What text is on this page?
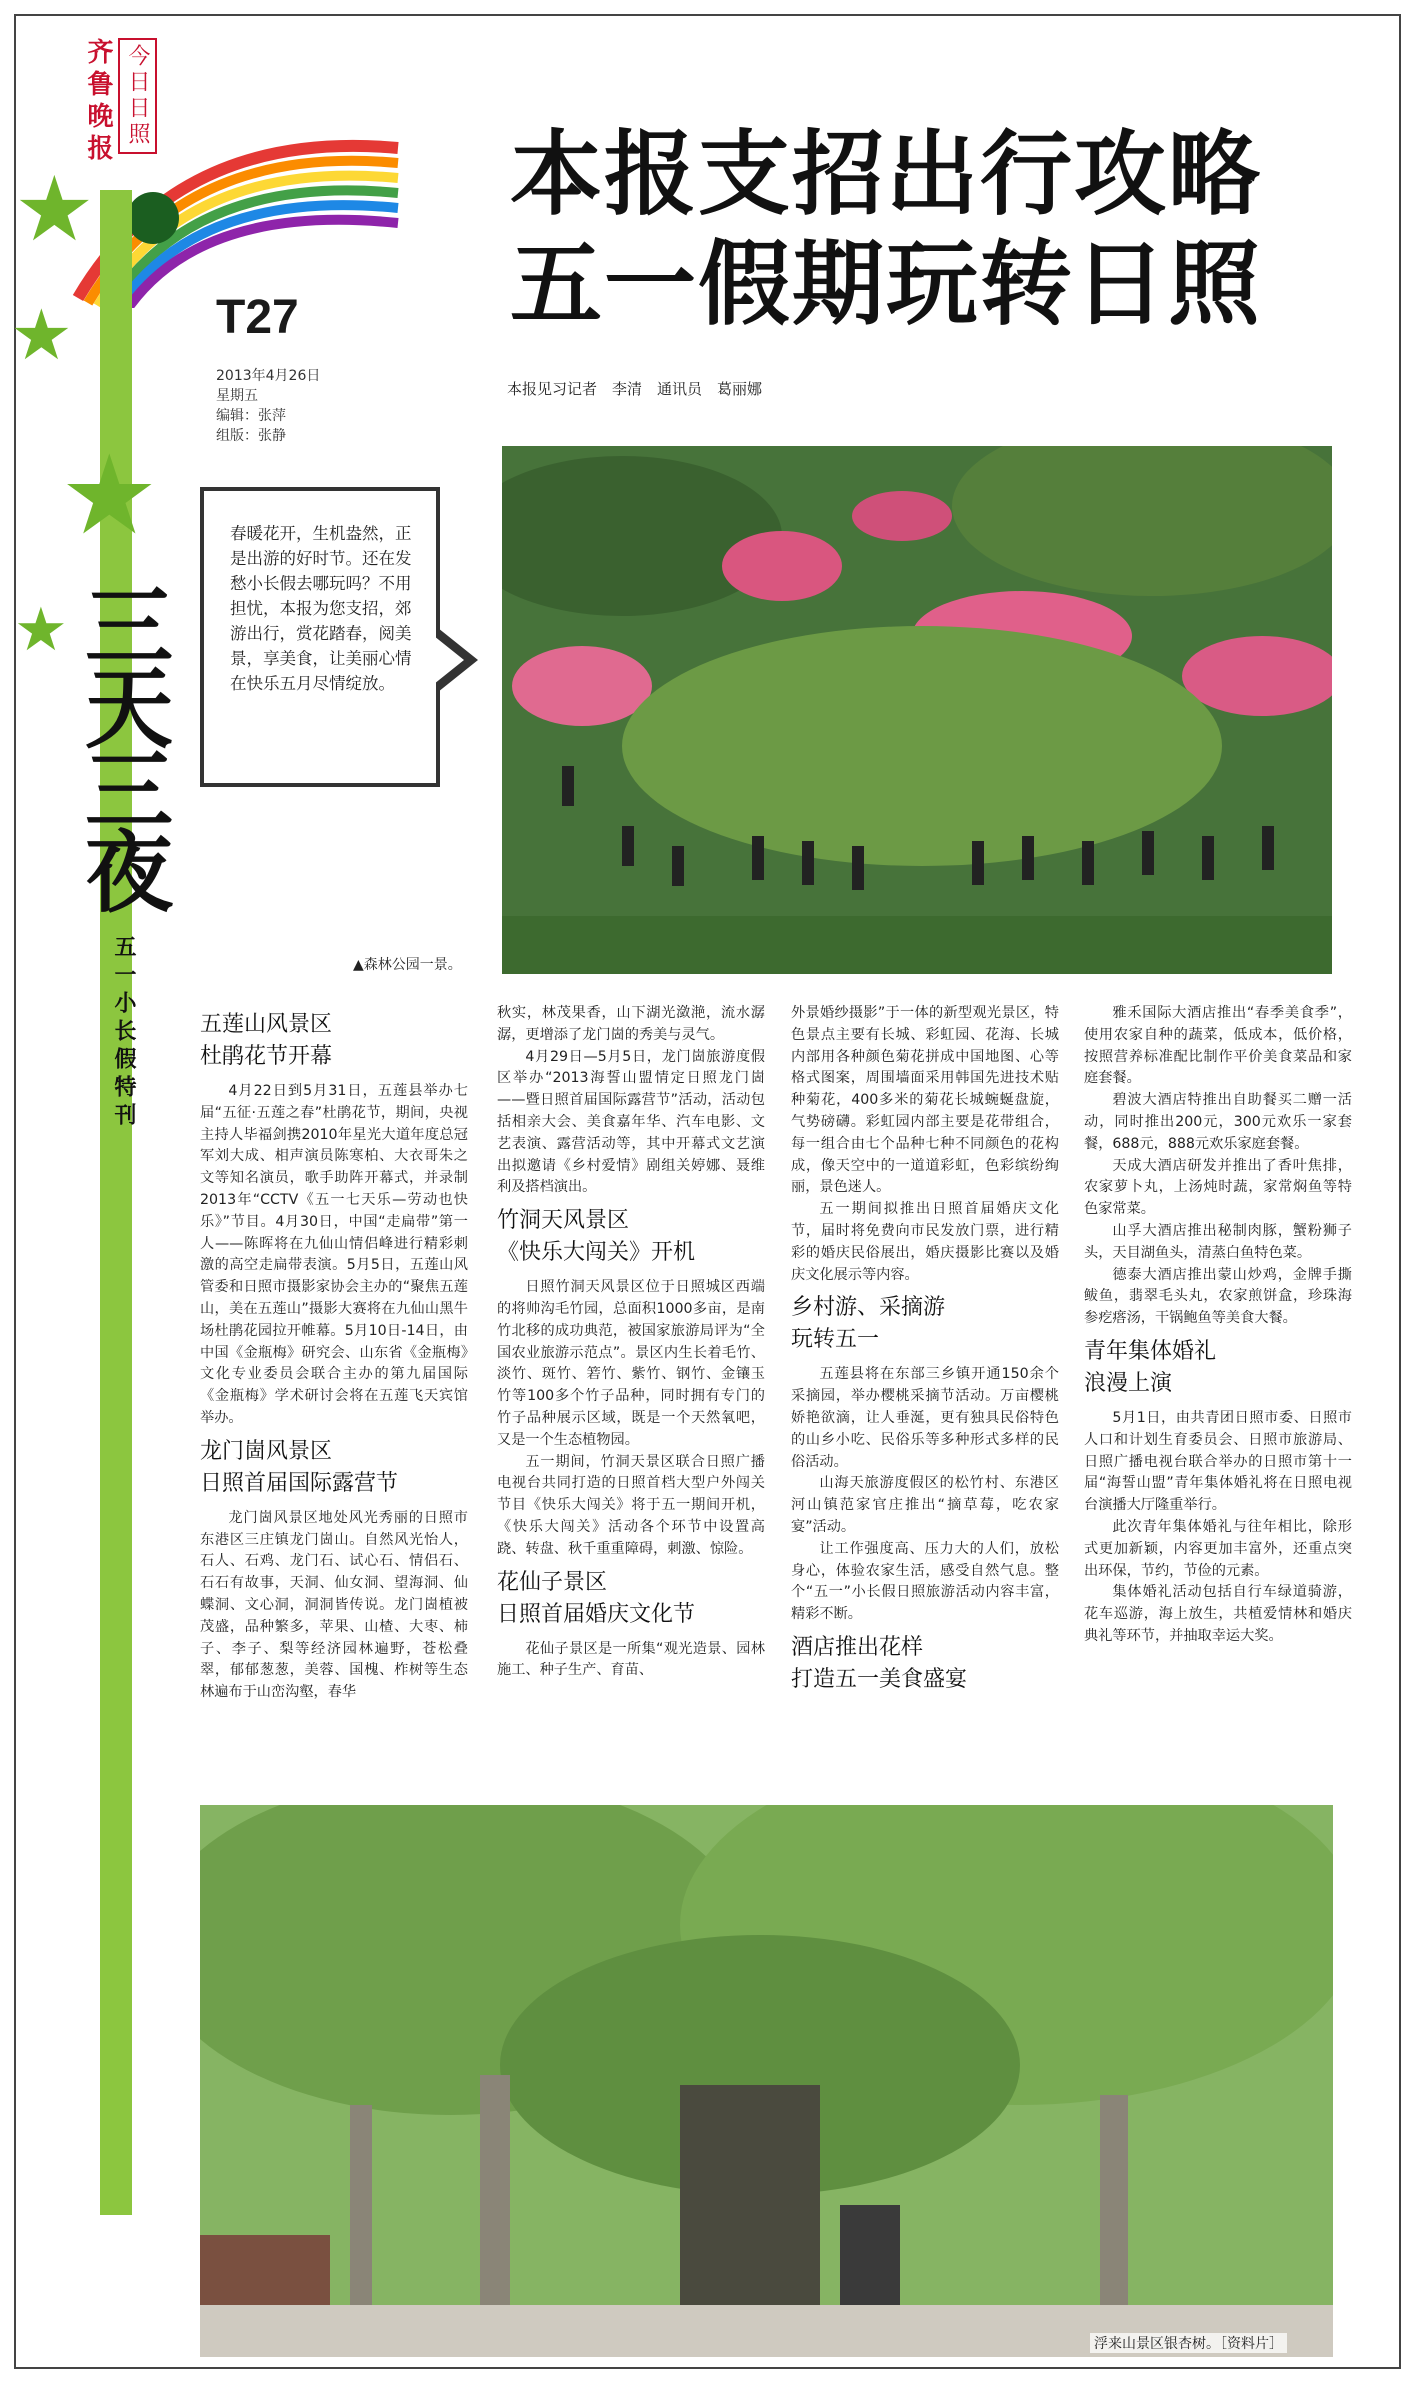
齐鲁晚报 今日日照
T27
2013年4月26日
星期五
编辑：张萍
组版：张静
★
★
★
★ 三天三夜
五一小长假特刊
本报支招出行攻略
五一假期玩转日照
本报见习记者　李清　通讯员　葛丽娜
春暖花开，生机盎然，正是出游的好时节。还在发愁小长假去哪玩吗？不用担忧，本报为您支招，郊游出行，赏花踏春，阅美景，享美食，让美丽心情在快乐五月尽情绽放。
▲森林公园一景。
五莲山风景区
杜鹃花节开幕

4月22日到5月31日，五莲县举办七届“五征·五莲之春”杜鹃花节，期间，央视主持人毕福剑携2010年星光大道年度总冠军刘大成、相声演员陈寒柏、大衣哥朱之文等知名演员，歌手助阵开幕式，并录制2013年“CCTV《五一七天乐—劳动也快乐》”节目。4月30日，中国“走扁带”第一人——陈晖将在九仙山情侣峰进行精彩刺激的高空走扁带表演。5月5日，五莲山风管委和日照市摄影家协会主办的“聚焦五莲山，美在五莲山”摄影大赛将在九仙山黑牛场杜鹃花园拉开帷幕。5月10日-14日，由中国《金瓶梅》研究会、山东省《金瓶梅》文化专业委员会联合主办的第九届国际《金瓶梅》学术研讨会将在五莲飞天宾馆举办。

龙门崮风景区
日照首届国际露营节

龙门崮风景区地处风光秀丽的日照市东港区三庄镇龙门崮山。自然风光怡人，石人、石鸡、龙门石、试心石、情侣石、石石有故事，天洞、仙女洞、望海洞、仙蝶洞、文心洞，洞洞皆传说。龙门崮植被茂盛，品种繁多，苹果、山楂、大枣、柿子、李子、梨等经济园林遍野，苍松叠翠，郁郁葱葱，美蓉、国槐、柞树等生态林遍布于山峦沟壑，春华

秋实，林茂果香，山下湖光潋滟，流水潺潺，更增添了龙门崮的秀美与灵气。

4月29日—5月5日，龙门崮旅游度假区举办“2013海誓山盟情定日照龙门崮——暨日照首届国际露营节”活动，活动包括相亲大会、美食嘉年华、汽车电影、文艺表演、露营活动等，其中开幕式文艺演出拟邀请《乡村爱情》剧组关婷娜、聂维利及搭档演出。

竹洞天风景区
《快乐大闯关》开机

日照竹洞天风景区位于日照城区西端的将帅沟毛竹园，总面积1000多亩，是南竹北移的成功典范，被国家旅游局评为“全国农业旅游示范点”。景区内生长着毛竹、淡竹、斑竹、箬竹、紫竹、钢竹、金镶玉竹等100多个竹子品种，同时拥有专门的竹子品种展示区域，既是一个天然氧吧，又是一个生态植物园。

五一期间，竹洞天景区联合日照广播电视台共同打造的日照首档大型户外闯关节目《快乐大闯关》将于五一期间开机，《快乐大闯关》活动各个环节中设置高跷、转盘、秋千重重障碍，刺激、惊险。

花仙子景区
日照首届婚庆文化节

花仙子景区是一所集“观光造景、园林施工、种子生产、育苗、

外景婚纱摄影”于一体的新型观光景区，特色景点主要有长城、彩虹园、花海、长城内部用各种颜色菊花拼成中国地图、心等格式图案，周围墙面采用韩国先进技术贴种菊花，400多米的菊花长城蜿蜒盘旋，气势磅礴。彩虹园内部主要是花带组合，每一组合由七个品种七种不同颜色的花构成，像天空中的一道道彩虹，色彩缤纷绚丽，景色迷人。

五一期间拟推出日照首届婚庆文化节，届时将免费向市民发放门票，进行精彩的婚庆民俗展出，婚庆摄影比赛以及婚庆文化展示等内容。

乡村游、采摘游
玩转五一

五莲县将在东部三乡镇开通150余个采摘园，举办樱桃采摘节活动。万亩樱桃娇艳欲滴，让人垂涎，更有独具民俗特色的山乡小吃、民俗乐等多种形式多样的民俗活动。

山海天旅游度假区的松竹村、东港区河山镇范家官庄推出“摘草莓，吃农家宴”活动。

让工作强度高、压力大的人们，放松身心，体验农家生活，感受自然气息。整个“五一”小长假日照旅游活动内容丰富，精彩不断。

酒店推出花样
打造五一美食盛宴

雅禾国际大酒店推出“春季美食季”，使用农家自种的蔬菜，低成本，低价格，按照营养标准配比制作平价美食菜品和家庭套餐。

碧波大酒店特推出自助餐买二赠一活动，同时推出200元，300元欢乐一家套餐，688元，888元欢乐家庭套餐。

天成大酒店研发并推出了香叶焦排，农家萝卜丸，上汤炖时蔬，家常焖鱼等特色家常菜。

山孚大酒店推出秘制肉豚，蟹粉狮子头，天目湖鱼头，清蒸白鱼特色菜。

德泰大酒店推出蒙山炒鸡，金牌手撕鲅鱼，翡翠毛头丸，农家煎饼盒，珍珠海参疙瘩汤，干锅鲍鱼等美食大餐。

青年集体婚礼
浪漫上演

5月1日，由共青团日照市委、日照市人口和计划生育委员会、日照市旅游局、日照广播电视台联合举办的日照市第十一届“海誓山盟”青年集体婚礼将在日照电视台演播大厅隆重举行。

此次青年集体婚礼与往年相比，除形式更加新颖，内容更加丰富外，还重点突出环保，节约，节俭的元素。

集体婚礼活动包括自行车绿道骑游，花车巡游，海上放生，共植爱情林和婚庆典礼等环节，并抽取幸运大奖。

浮来山景区银杏树。［资料片］
